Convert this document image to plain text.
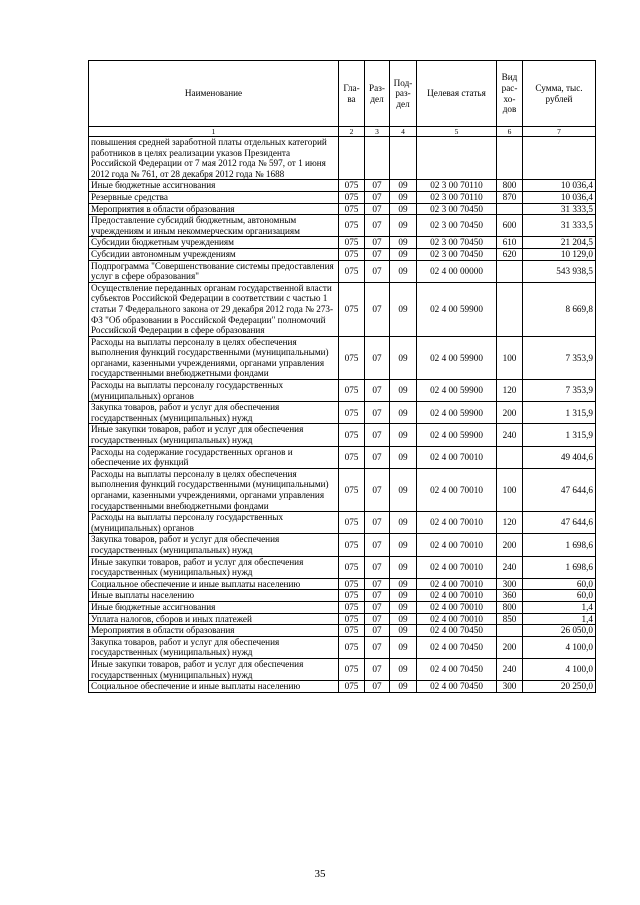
Наименование	Гла-ва	Раз-дел	Под-раз-дел	Целевая статья	Вид рас-хо-дов	Сумма, тыс. рублей
1	2	3	4	5	6	7
повышения средней заработной платы отдельных категорий работников в целях реализации указов Президента Российской Федерации от 7 мая 2012 года № 597, от 1 июня 2012 года № 761, от 28 декабря 2012 года № 1688						
Иные бюджетные ассигнования	075	07	09	02 3 00 70110	800	10 036,4
Резервные средства	075	07	09	02 3 00 70110	870	10 036,4
Мероприятия в области образования	075	07	09	02 3 00 70450		31 333,5
Предоставление субсидий бюджетным, автономным учреждениям и иным некоммерческим организациям	075	07	09	02 3 00 70450	600	31 333,5
Субсидии бюджетным учреждениям	075	07	09	02 3 00 70450	610	21 204,5
Субсидии автономным учреждениям	075	07	09	02 3 00 70450	620	10 129,0
Подпрограмма "Совершенствование системы предоставления услуг в сфере образования"	075	07	09	02 4 00 00000		543 938,5
Осуществление переданных органам государственной власти субъектов Российской Федерации в соответствии с частью 1 статьи 7 Федерального закона от 29 декабря 2012 года № 273-ФЗ "Об образовании в Российской Федерации" полномочий Российской Федерации в сфере образования	075	07	09	02 4 00 59900		8 669,8
Расходы на выплаты персоналу в целях обеспечения выполнения функций государственными (муниципальными) органами, казенными учреждениями, органами управления государственными внебюджетными фондами	075	07	09	02 4 00 59900	100	7 353,9
Расходы на выплаты персоналу государственных (муниципальных) органов	075	07	09	02 4 00 59900	120	7 353,9
Закупка товаров, работ и услуг для обеспечения государственных (муниципальных) нужд	075	07	09	02 4 00 59900	200	1 315,9
Иные закупки товаров, работ и услуг для обеспечения государственных (муниципальных) нужд	075	07	09	02 4 00 59900	240	1 315,9
Расходы на содержание государственных органов и обеспечение их функций	075	07	09	02 4 00 70010		49 404,6
Расходы на выплаты персоналу в целях обеспечения выполнения функций государственными (муниципальными) органами, казенными учреждениями, органами управления государственными внебюджетными фондами	075	07	09	02 4 00 70010	100	47 644,6
Расходы на выплаты персоналу государственных (муниципальных) органов	075	07	09	02 4 00 70010	120	47 644,6
Закупка товаров, работ и услуг для обеспечения государственных (муниципальных) нужд	075	07	09	02 4 00 70010	200	1 698,6
Иные закупки товаров, работ и услуг для обеспечения государственных (муниципальных) нужд	075	07	09	02 4 00 70010	240	1 698,6
Социальное обеспечение и иные выплаты населению	075	07	09	02 4 00 70010	300	60,0
Иные выплаты населению	075	07	09	02 4 00 70010	360	60,0
Иные бюджетные ассигнования	075	07	09	02 4 00 70010	800	1,4
Уплата налогов, сборов и иных платежей	075	07	09	02 4 00 70010	850	1,4
Мероприятия в области образования	075	07	09	02 4 00 70450		26 050,0
Закупка товаров, работ и услуг для обеспечения государственных (муниципальных) нужд	075	07	09	02 4 00 70450	200	4 100,0
Иные закупки товаров, работ и услуг для обеспечения государственных (муниципальных) нужд	075	07	09	02 4 00 70450	240	4 100,0
Социальное обеспечение и иные выплаты населению	075	07	09	02 4 00 70450	300	20 250,0
35
